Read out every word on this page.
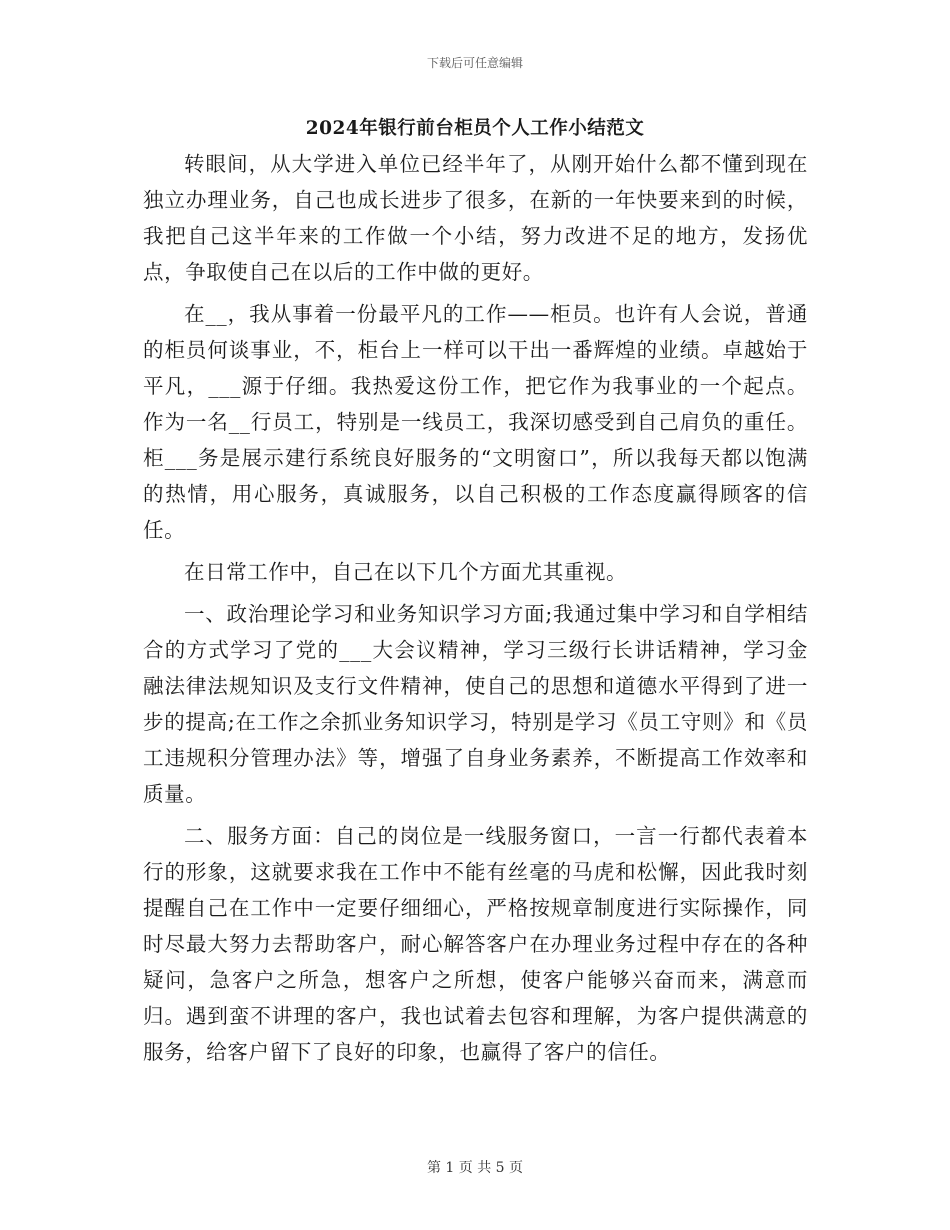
下载后可任意编辑
2024年银行前台柜员个人工作小结范文

转眼间，从大学进入单位已经半年了，从刚开始什么都不懂到现在独立办理业务，自己也成长进步了很多，在新的一年快要来到的时候，我把自己这半年来的工作做一个小结，努力改进不足的地方，发扬优点，争取使自己在以后的工作中做的更好。

在__，我从事着一份最平凡的工作——柜员。也许有人会说，普通的柜员何谈事业，不，柜台上一样可以干出一番辉煌的业绩。卓越始于平凡，___源于仔细。我热爱这份工作，把它作为我事业的一个起点。作为一名__行员工，特别是一线员工，我深切感受到自己肩负的重任。柜___务是展示建行系统良好服务的“文明窗口”，所以我每天都以饱满的热情，用心服务，真诚服务，以自己积极的工作态度赢得顾客的信任。

在日常工作中，自己在以下几个方面尤其重视。

一、政治理论学习和业务知识学习方面;我通过集中学习和自学相结合的方式学习了党的___大会议精神，学习三级行长讲话精神，学习金融法律法规知识及支行文件精神，使自己的思想和道德水平得到了进一步的提高;在工作之余抓业务知识学习，特别是学习《员工守则》和《员工违规积分管理办法》等，增强了自身业务素养，不断提高工作效率和质量。

二、服务方面：自己的岗位是一线服务窗口，一言一行都代表着本行的形象，这就要求我在工作中不能有丝毫的马虎和松懈，因此我时刻提醒自己在工作中一定要仔细细心，严格按规章制度进行实际操作，同时尽最大努力去帮助客户，耐心解答客户在办理业务过程中存在的各种疑问，急客户之所急，想客户之所想，使客户能够兴奋而来，满意而归。遇到蛮不讲理的客户，我也试着去包容和理解，为客户提供满意的服务，给客户留下了良好的印象，也赢得了客户的信任。

第 1 页 共 5 页
